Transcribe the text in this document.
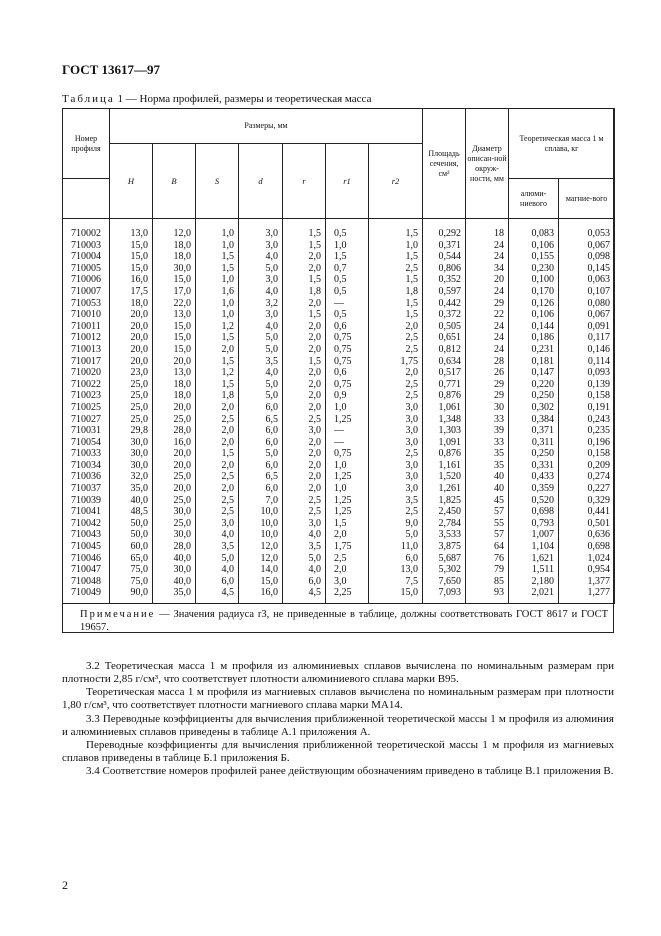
ГОСТ 13617—97
Таблица 1 — Норма профилей, размеры и теоретическая масса
Номер профиля	Размеры, мм							Площадь сечения, см²	Диаметр описан-ной окруж-ности, мм	Теоретическая масса 1 м сплава, кг	
	H	B	S	d	r	r1	r2				
										алюми-ниевого	магние-вого
710002	13,0	12,0	1,0	3,0	1,5	0,5	1,5	0,292	18	0,083	0,053
710003	15,0	18,0	1,0	3,0	1,5	1,0	1,0	0,371	24	0,106	0,067
710004	15,0	18,0	1,5	4,0	2,0	1,5	1,5	0,544	24	0,155	0,098
710005	15,0	30,0	1,5	5,0	2,0	0,7	2,5	0,806	34	0,230	0,145
710006	16,0	15,0	1,0	3,0	1,5	0,5	1,5	0,352	20	0,100	0,063
710007	17,5	17,0	1,6	4,0	1,8	0,5	1,8	0,597	24	0,170	0,107
710053	18,0	22,0	1,0	3,2	2,0	—	1,5	0,442	29	0,126	0,080
710010	20,0	13,0	1,0	3,0	1,5	0,5	1,5	0,372	22	0,106	0,067
710011	20,0	15,0	1,2	4,0	2,0	0,6	2,0	0,505	24	0,144	0,091
710012	20,0	15,0	1,5	5,0	2,0	0,75	2,5	0,651	24	0,186	0,117
710013	20,0	15,0	2,0	5,0	2,0	0,75	2,5	0,812	24	0,231	0,146
710017	20,0	20,0	1,5	3,5	1,5	0,75	1,75	0,634	28	0,181	0,114
710020	23,0	13,0	1,2	4,0	2,0	0,6	2,0	0,517	26	0,147	0,093
710022	25,0	18,0	1,5	5,0	2,0	0,75	2,5	0,771	29	0,220	0,139
710023	25,0	18,0	1,8	5,0	2,0	0,9	2,5	0,876	29	0,250	0,158
710025	25,0	20,0	2,0	6,0	2,0	1,0	3,0	1,061	30	0,302	0,191
710027	25,0	25,0	2,5	6,5	2,5	1,25	3,0	1,348	33	0,384	0,243
710031	29,8	28,0	2,0	6,0	3,0	—	3,0	1,303	39	0,371	0,235
710054	30,0	16,0	2,0	6,0	2,0	—	3,0	1,091	33	0,311	0,196
710033	30,0	20,0	1,5	5,0	2,0	0,75	2,5	0,876	35	0,250	0,158
710034	30,0	20,0	2,0	6,0	2,0	1,0	3,0	1,161	35	0,331	0,209
710036	32,0	25,0	2,5	6,5	2,0	1,25	3,0	1,520	40	0,433	0,274
710037	35,0	20,0	2,0	6,0	2,0	1,0	3,0	1,261	40	0,359	0,227
710039	40,0	25,0	2,5	7,0	2,5	1,25	3,5	1,825	45	0,520	0,329
710041	48,5	30,0	2,5	10,0	2,5	1,25	2,5	2,450	57	0,698	0,441
710042	50,0	25,0	3,0	10,0	3,0	1,5	9,0	2,784	55	0,793	0,501
710043	50,0	30,0	4,0	10,0	4,0	2,0	5,0	3,533	57	1,007	0,636
710045	60,0	28,0	3,5	12,0	3,5	1,75	11,0	3,875	64	1,104	0,698
710046	65,0	40,0	5,0	12,0	5,0	2,5	6,0	5,687	76	1,621	1,024
710047	75,0	30,0	4,0	14,0	4,0	2,0	13,0	5,302	79	1,511	0,954
710048	75,0	40,0	6,0	15,0	6,0	3,0	7,5	7,650	85	2,180	1,377
710049	90,0	35,0	4,5	16,0	4,5	2,25	15,0	7,093	93	2,021	1,277
Примечание — Значения радиуса r3, не приведенные в таблице, должны соответствовать ГОСТ 8617 и ГОСТ 19657.
3.2 Теоретическая масса 1 м профиля из алюминиевых сплавов вычислена по номинальным размерам при плотности 2,85 г/см³, что соответствует плотности алюминиевого сплава марки В95.
Теоретическая масса 1 м профиля из магниевых сплавов вычислена по номинальным размерам при плотности 1,80 г/см³, что соответствует плотности магниевого сплава марки МА14.
3.3 Переводные коэффициенты для вычисления приближенной теоретической массы 1 м профиля из алюминия и алюминиевых сплавов приведены в таблице А.1 приложения А.
Переводные коэффициенты для вычисления приближенной теоретической массы 1 м профиля из магниевых сплавов приведены в таблице Б.1 приложения Б.
3.4 Соответствие номеров профилей ранее действующим обозначениям приведено в таблице В.1 приложения В.
2
